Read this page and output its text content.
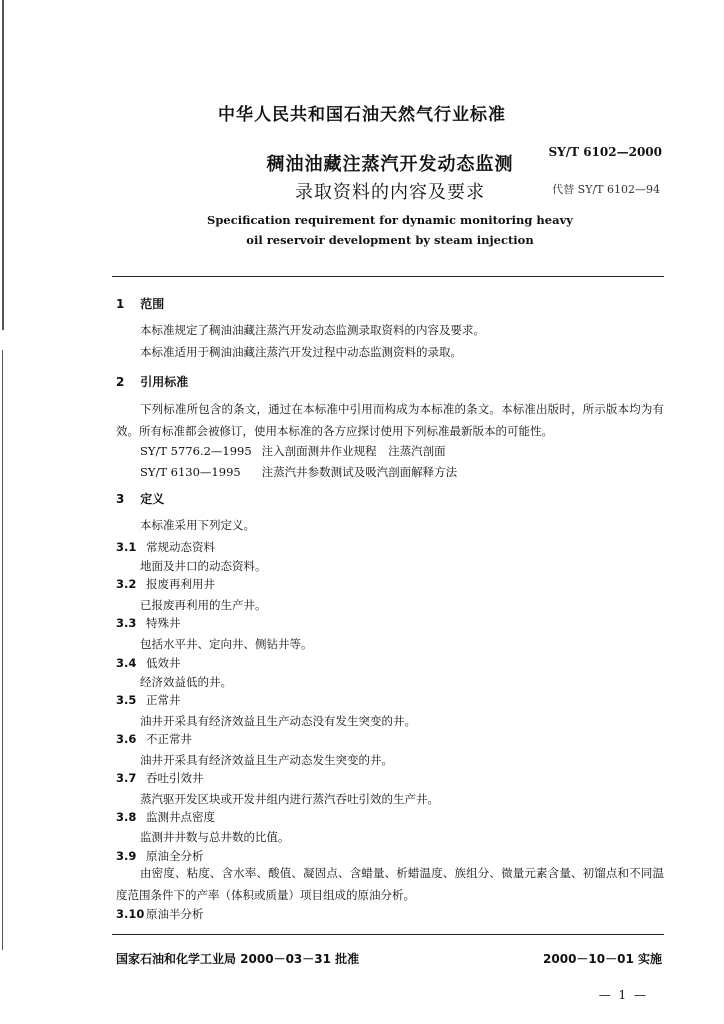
中华人民共和国石油天然气行业标准
稠油油藏注蒸汽开发动态监测
录取资料的内容及要求
SY/T 6102—2000
代替 SY/T 6102—94
Specification requirement for dynamic monitoring heavy
oil reservoir development by steam injection
1 范围
本标准规定了稠油油藏注蒸汽开发动态监测录取资料的内容及要求。
本标准适用于稠油油藏注蒸汽开发过程中动态监测资料的录取。
2 引用标准
下列标准所包含的条文，通过在本标准中引用而构成为本标准的条文。本标准出版时，所示版本均为有效。所有标准都会被修订，使用本标准的各方应探讨使用下列标准最新版本的可能性。
SY/T 5776.2—1995 注入剖面测井作业规程　注蒸汽剖面
SY/T 6130—1995 注蒸汽井参数测试及吸汽剖面解释方法
3 定义
本标准采用下列定义。
3.1 常规动态资料
地面及井口的动态资料。
3.2 报废再利用井
已报废再利用的生产井。
3.3 特殊井
包括水平井、定向井、侧钻井等。
3.4 低效井
经济效益低的井。
3.5 正常井
油井开采具有经济效益且生产动态没有发生突变的井。
3.6 不正常井
油井开采具有经济效益且生产动态发生突变的井。
3.7 吞吐引效井
蒸汽驱开发区块或开发井组内进行蒸汽吞吐引效的生产井。
3.8 监测井点密度
监测井井数与总井数的比值。
3.9 原油全分析
由密度、粘度、含水率、酸值、凝固点、含蜡量、析蜡温度、族组分、微量元素含量、初馏点和不同温度范围条件下的产率（体积或质量）项目组成的原油分析。
3.10 原油半分析
国家石油和化学工业局 2000－03－31 批准	2000－10－01 实施
— 1 —
